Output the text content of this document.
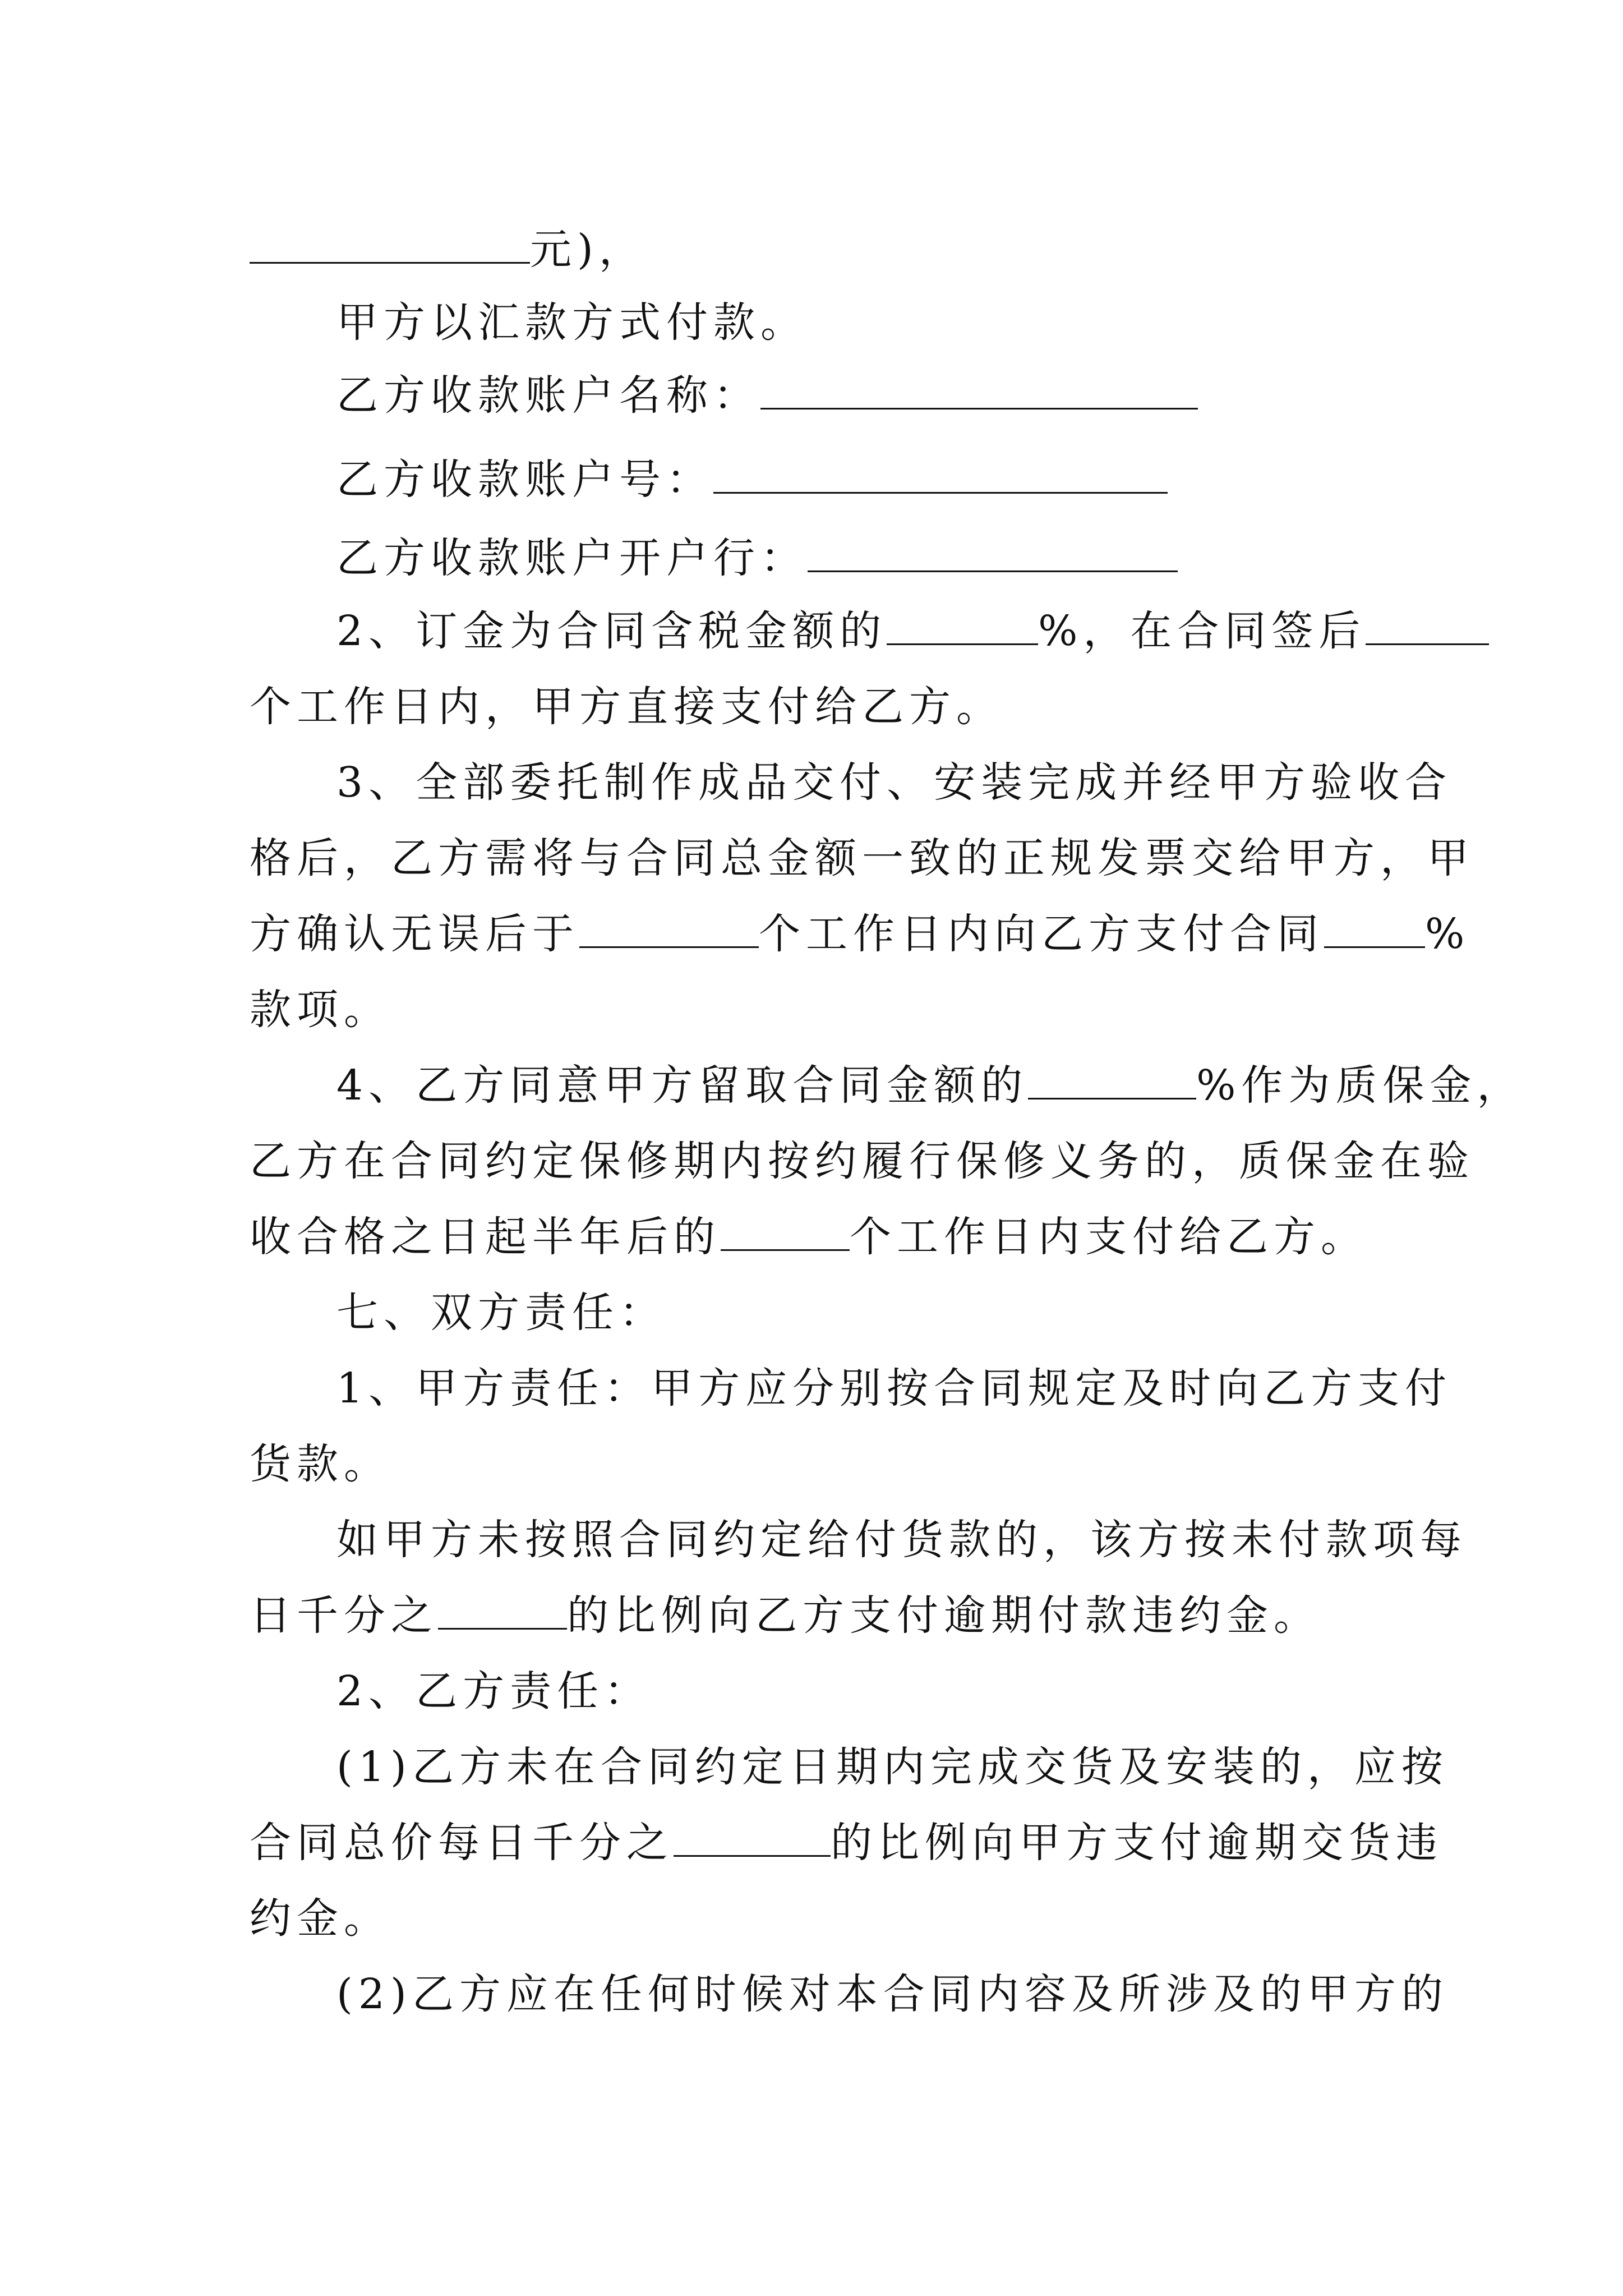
元)，
甲方以汇款方式付款。
乙方收款账户名称：
乙方收款账户号：
乙方收款账户开户行：
2、订金为合同含税金额的	%，在合同签后
个工作日内，甲方直接支付给乙方。
3、全部委托制作成品交付、安装完成并经甲方验收合
格后，乙方需将与合同总金额一致的正规发票交给甲方，甲
方确认无误后于	个工作日内向乙方支付合同 %
款项。
4、乙方同意甲方留取合同金额的	%作为质保金，
乙方在合同约定保修期内按约履行保修义务的，质保金在验
收合格之日起半年后的	个工作日内支付给乙方。
七、双方责任：
1、甲方责任：甲方应分别按合同规定及时向乙方支付
货款。
如甲方未按照合同约定给付货款的，该方按未付款项每
日千分之	的比例向乙方支付逾期付款违约金。
2、乙方责任：
(1)乙方未在合同约定日期内完成交货及安装的，应按
合同总价每日千分之	的比例向甲方支付逾期交货违
约金。
(2)乙方应在任何时候对本合同内容及所涉及的甲方的
